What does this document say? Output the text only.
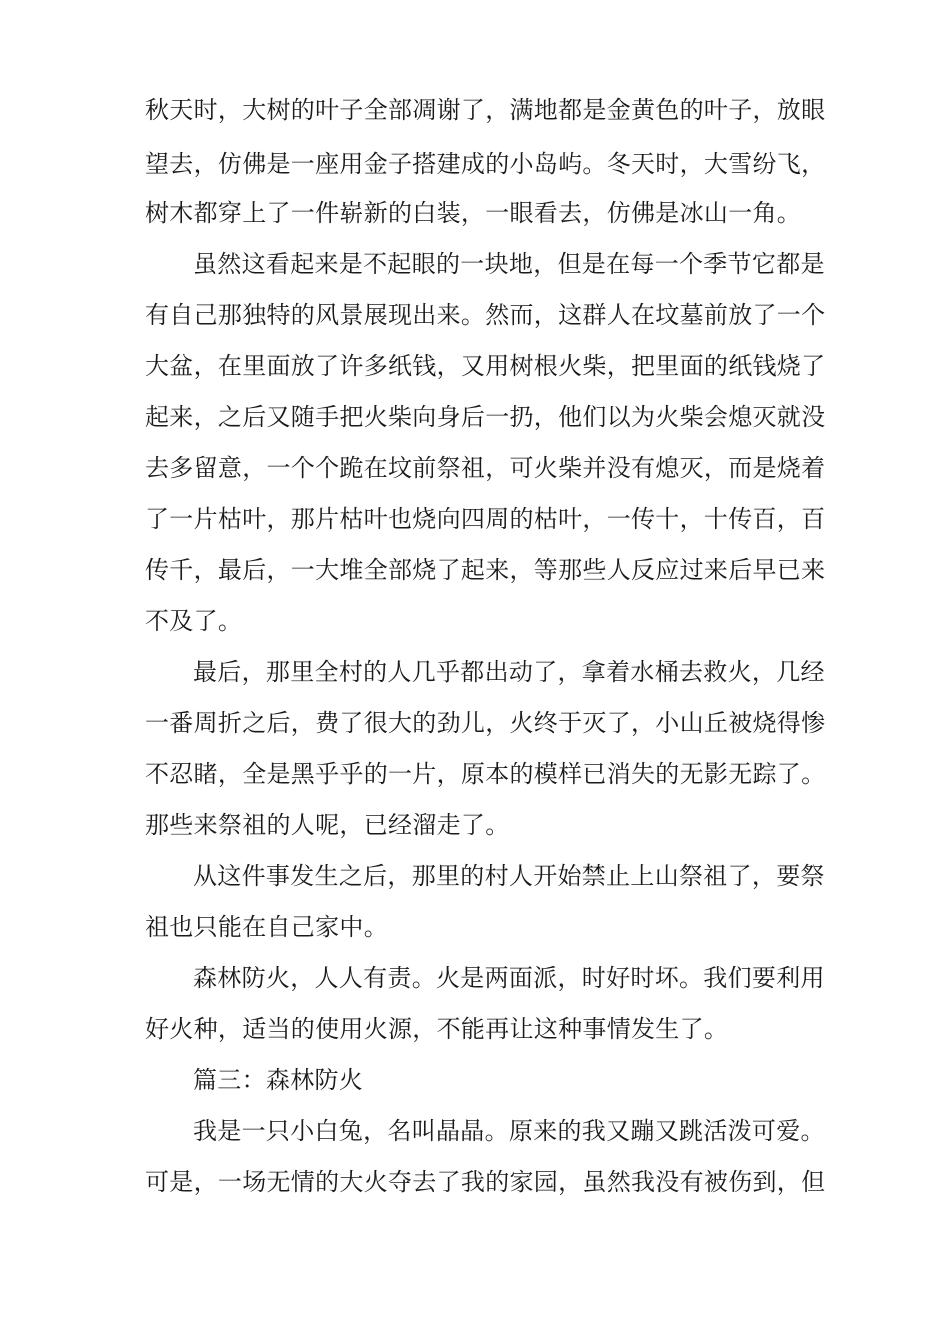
秋天时，大树的叶子全部凋谢了，满地都是金黄色的叶子，放眼
望去，仿佛是一座用金子搭建成的小岛屿。冬天时，大雪纷飞，
树木都穿上了一件崭新的白装，一眼看去，仿佛是冰山一角。
虽然这看起来是不起眼的一块地，但是在每一个季节它都是
有自己那独特的风景展现出来。然而，这群人在坟墓前放了一个
大盆，在里面放了许多纸钱，又用树根火柴，把里面的纸钱烧了
起来，之后又随手把火柴向身后一扔，他们以为火柴会熄灭就没
去多留意，一个个跪在坟前祭祖，可火柴并没有熄灭，而是烧着
了一片枯叶，那片枯叶也烧向四周的枯叶，一传十，十传百，百
传千，最后，一大堆全部烧了起来，等那些人反应过来后早已来
不及了。
最后，那里全村的人几乎都出动了，拿着水桶去救火，几经
一番周折之后，费了很大的劲儿，火终于灭了，小山丘被烧得惨
不忍睹，全是黑乎乎的一片，原本的模样已消失的无影无踪了。
那些来祭祖的人呢，已经溜走了。
从这件事发生之后，那里的村人开始禁止上山祭祖了，要祭
祖也只能在自己家中。
森林防火，人人有责。火是两面派，时好时坏。我们要利用
好火种，适当的使用火源，不能再让这种事情发生了。
篇三：森林防火
我是一只小白兔，名叫晶晶。原来的我又蹦又跳活泼可爱。
可是，一场无情的大火夺去了我的家园，虽然我没有被伤到，但
